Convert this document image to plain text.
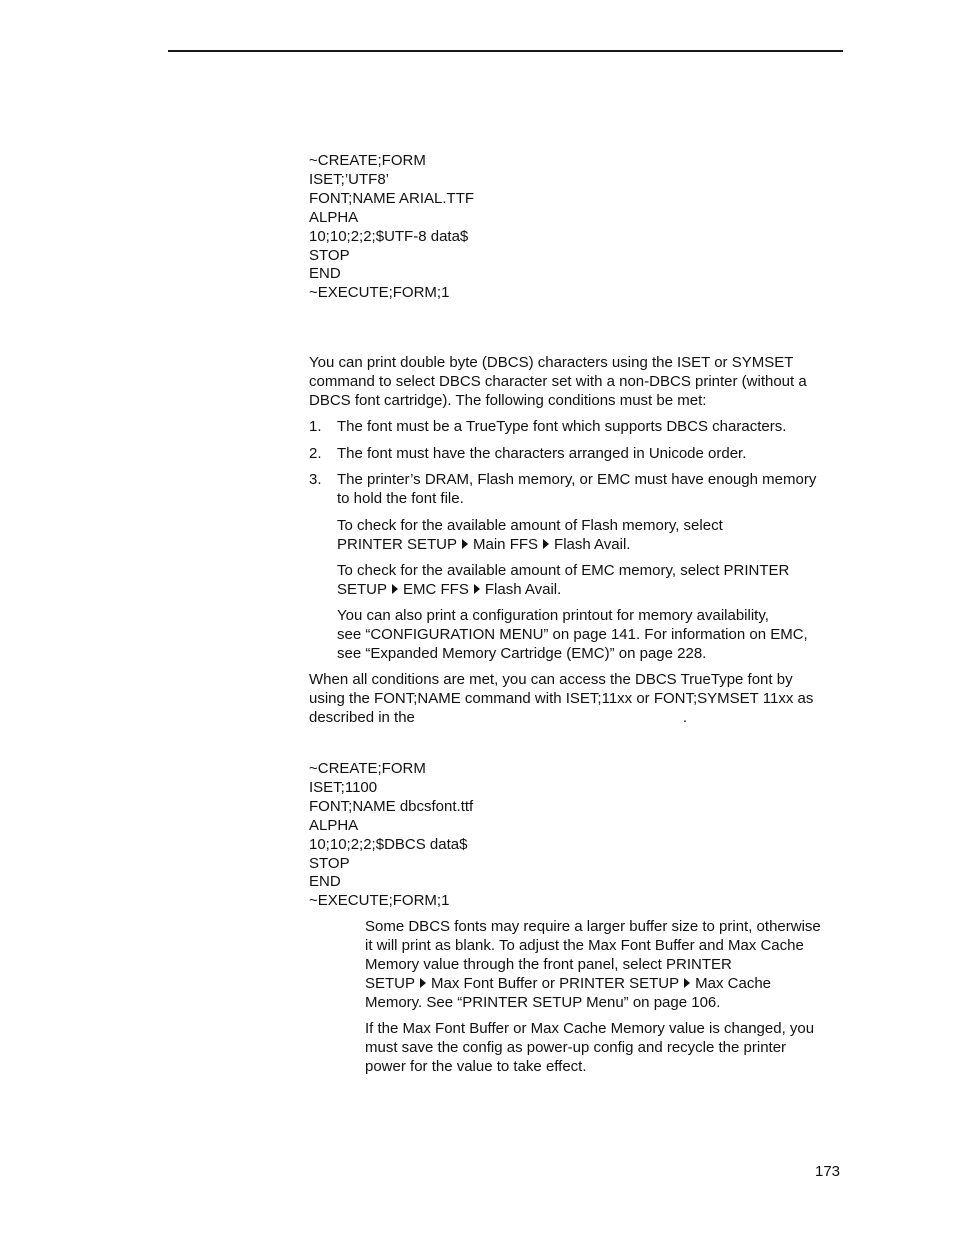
~CREATE;FORM
ISET;’UTF8’
FONT;NAME ARIAL.TTF
ALPHA
10;10;2;2;$UTF-8 data$
STOP
END
~EXECUTE;FORM;1
You can print double byte (DBCS) characters using the ISET or SYMSET
command to select DBCS character set with a non-DBCS printer (without a
DBCS font cartridge). The following conditions must be met:
1. The font must be a TrueType font which supports DBCS characters.
2. The font must have the characters arranged in Unicode order.
3. The printer’s DRAM, Flash memory, or EMC must have enough memory
to hold the font file.
To check for the available amount of Flash memory, select
PRINTER SETUP Main FFS Flash Avail.
To check for the available amount of EMC memory, select PRINTER
SETUP EMC FFS Flash Avail.
You can also print a configuration printout for memory availability,
see “CONFIGURATION MENU” on page 141. For information on EMC,
see “Expanded Memory Cartridge (EMC)” on page 228.
When all conditions are met, you can access the DBCS TrueType font by
using the FONT;NAME command with ISET;11xx or FONT;SYMSET 11xx as
described in the	.
~CREATE;FORM
ISET;1100
FONT;NAME dbcsfont.ttf
ALPHA
10;10;2;2;$DBCS data$
STOP
END
~EXECUTE;FORM;1
Some DBCS fonts may require a larger buffer size to print, otherwise
it will print as blank. To adjust the Max Font Buffer and Max Cache
Memory value through the front panel, select PRINTER
SETUP Max Font Buffer or PRINTER SETUP Max Cache
Memory. See “PRINTER SETUP Menu” on page 106.
If the Max Font Buffer or Max Cache Memory value is changed, you
must save the config as power-up config and recycle the printer
power for the value to take effect.
173
